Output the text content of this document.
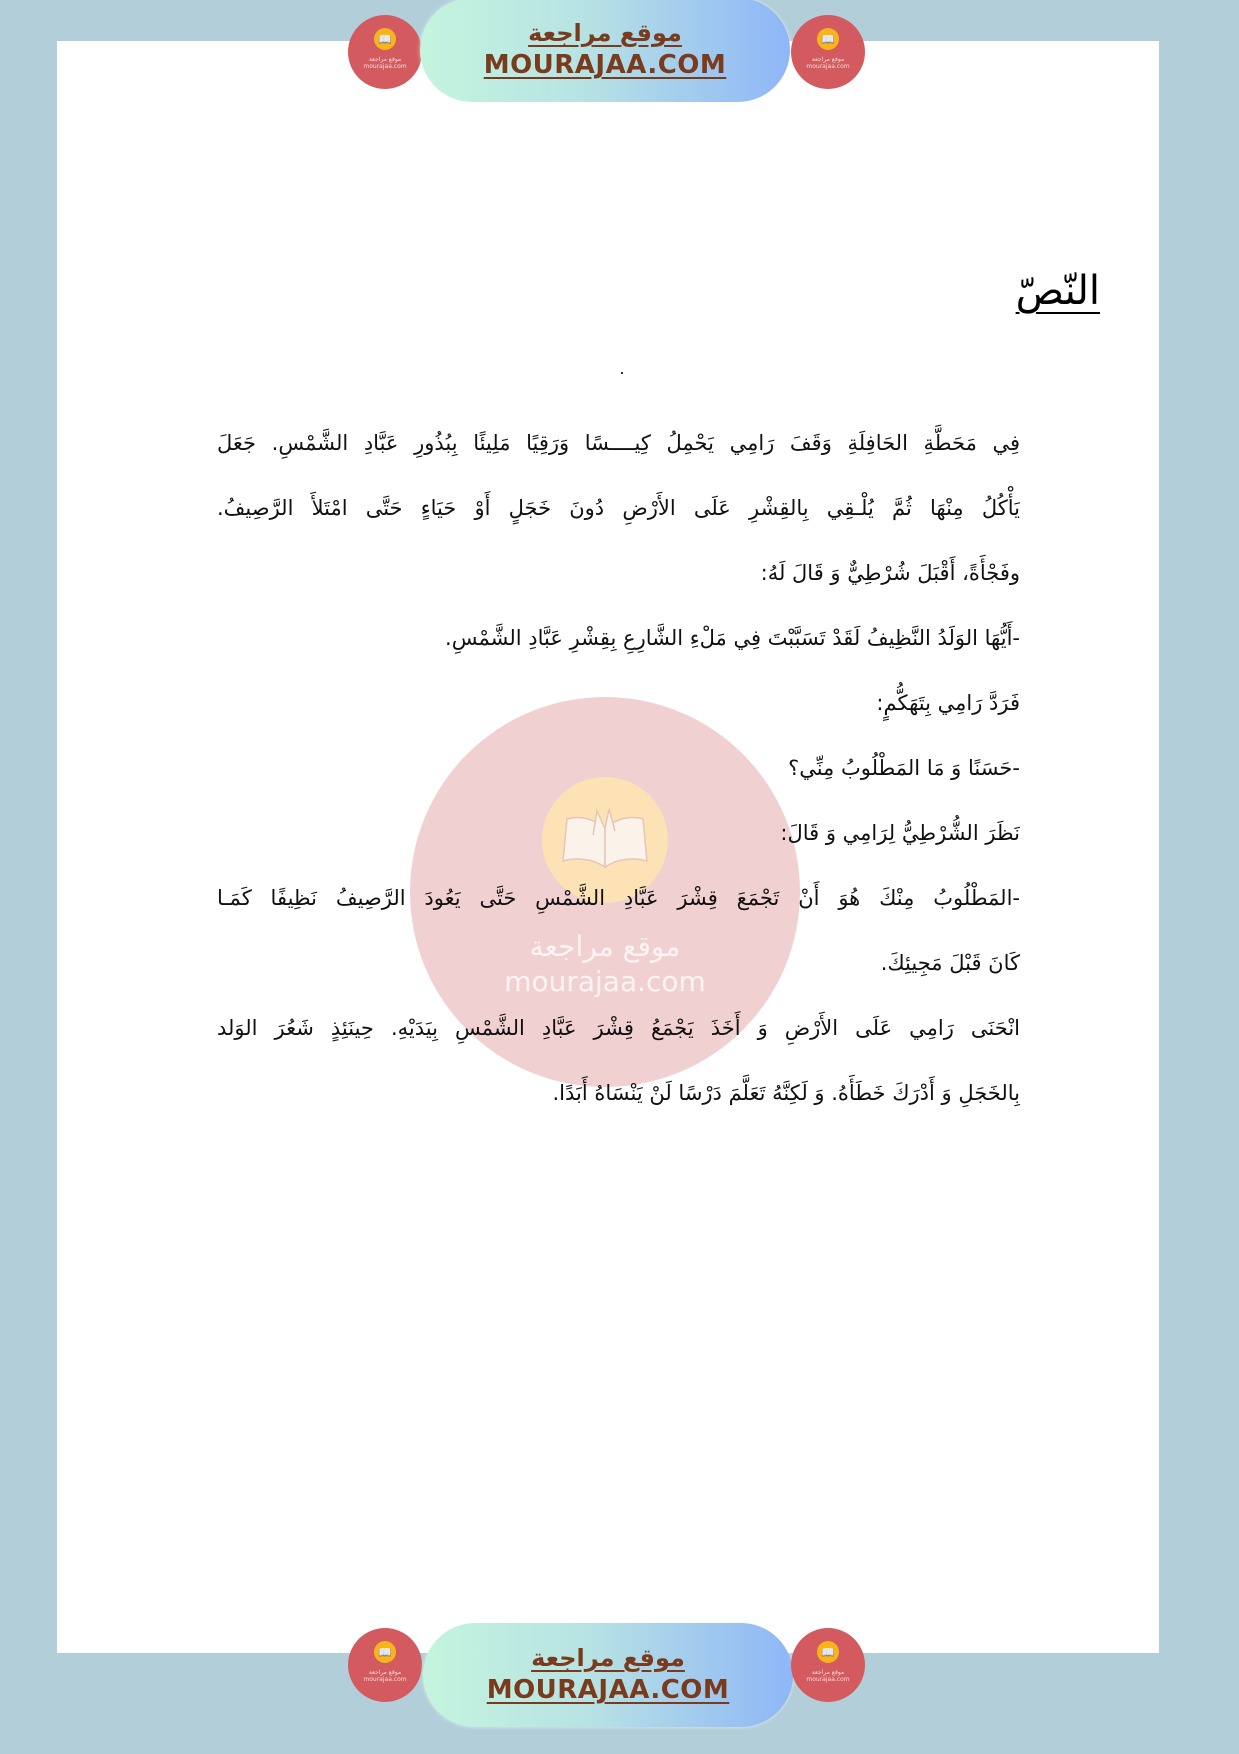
📖
موقع مراجعة mourajaa.com
موقع مراجعة
MOURAJAA.COM
📖
موقع مراجعة mourajaa.com
النّصّ
موقع مراجعة
mourajaa.com
فِي مَحَطَّةِ الحَافِلَةِ وَقَفَ رَامِي يَحْمِلُ كِيــــسًا وَرَقِيًا مَلِيئًا بِبُذُورِ عَبَّادِ الشَّمْسِ. جَعَلَ
يَأْكُلُ مِنْهَا ثُمَّ يُلْـقِي بِالقِشْرِ عَلَى الأَرْضِ دُونَ خَجَلٍ أَوْ حَيَاءٍ حَتَّى امْتَلأَ الرَّصِيفُ.
وفَجْأَةً، أَقْبَلَ شُرْطِيٌّ وَ قَالَ لَهُ:
-أَيُّهَا الوَلَدُ النَّظِيفُ لَقَدْ تَسَبَّبْتَ فِي مَلْءِ الشَّارِعِ بِقِشْرِ عَبَّادِ الشَّمْسِ.
فَرَدَّ رَامِي بِتَهَكُّمٍ:
-حَسَنًا وَ مَا المَطْلُوبُ مِنِّي؟
نَظَرَ الشُّرْطِيُّ لِرَامِي وَ قَالَ:
-المَطْلُوبُ مِنْكَ هُوَ أَنْ تَجْمَعَ قِشْرَ عَبَّادِ الشَّمْسِ حَتَّى يَعُودَ الرَّصِيفُ نَظِيفًا كَمَـا
كَانَ قَبْلَ مَجِيئِكَ.
انْحَنَى رَامِي عَلَى الأَرْضِ وَ أَخَذَ يَجْمَعُ قِشْرَ عَبَّادِ الشَّمْسِ بِيَدَيْهِ. حِينَئِذٍ شَعُرَ الوَلد
بِالخَجَلِ وَ أَدْرَكَ خَطَأَهُ. وَ لَكِنَّهُ تَعَلَّمَ دَرْسًا لَنْ يَنْسَاهُ أَبَدًا.
📖
موقع مراجعة mourajaa.com
موقع مراجعة
MOURAJAA.COM
📖
موقع مراجعة mourajaa.com
